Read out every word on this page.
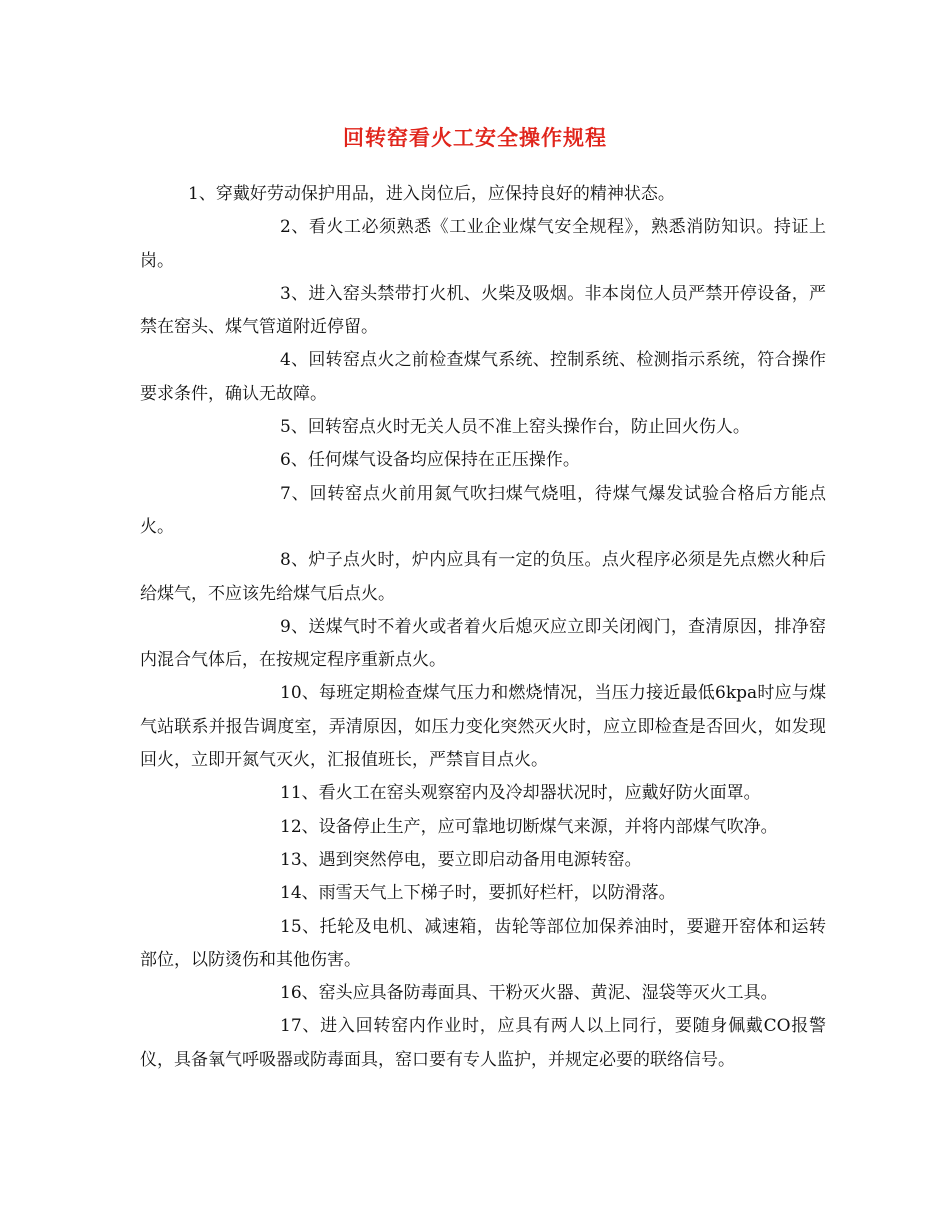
回转窑看火工安全操作规程

1、穿戴好劳动保护用品，进入岗位后，应保持良好的精神状态。

2、看火工必须熟悉《工业企业煤气安全规程》，熟悉消防知识。持证上岗。

3、进入窑头禁带打火机、火柴及吸烟。非本岗位人员严禁开停设备，严禁在窑头、煤气管道附近停留。

4、回转窑点火之前检查煤气系统、控制系统、检测指示系统，符合操作要求条件，确认无故障。

5、回转窑点火时无关人员不准上窑头操作台，防止回火伤人。

6、任何煤气设备均应保持在正压操作。

7、回转窑点火前用氮气吹扫煤气烧咀，待煤气爆发试验合格后方能点火。

8、炉子点火时，炉内应具有一定的负压。点火程序必须是先点燃火种后给煤气，不应该先给煤气后点火。

9、送煤气时不着火或者着火后熄灭应立即关闭阀门，查清原因，排净窑内混合气体后，在按规定程序重新点火。

10、每班定期检查煤气压力和燃烧情况，当压力接近最低6kpa时应与煤气站联系并报告调度室，弄清原因，如压力变化突然灭火时，应立即检查是否回火，如发现回火，立即开氮气灭火，汇报值班长，严禁盲目点火。

11、看火工在窑头观察窑内及冷却器状况时，应戴好防火面罩。

12、设备停止生产，应可靠地切断煤气来源，并将内部煤气吹净。

13、遇到突然停电，要立即启动备用电源转窑。

14、雨雪天气上下梯子时，要抓好栏杆，以防滑落。

15、托轮及电机、减速箱，齿轮等部位加保养油时，要避开窑体和运转部位，以防烫伤和其他伤害。

16、窑头应具备防毒面具、干粉灭火器、黄泥、湿袋等灭火工具。

17、进入回转窑内作业时，应具有两人以上同行，要随身佩戴CO报警仪，具备氧气呼吸器或防毒面具，窑口要有专人监护，并规定必要的联络信号。
